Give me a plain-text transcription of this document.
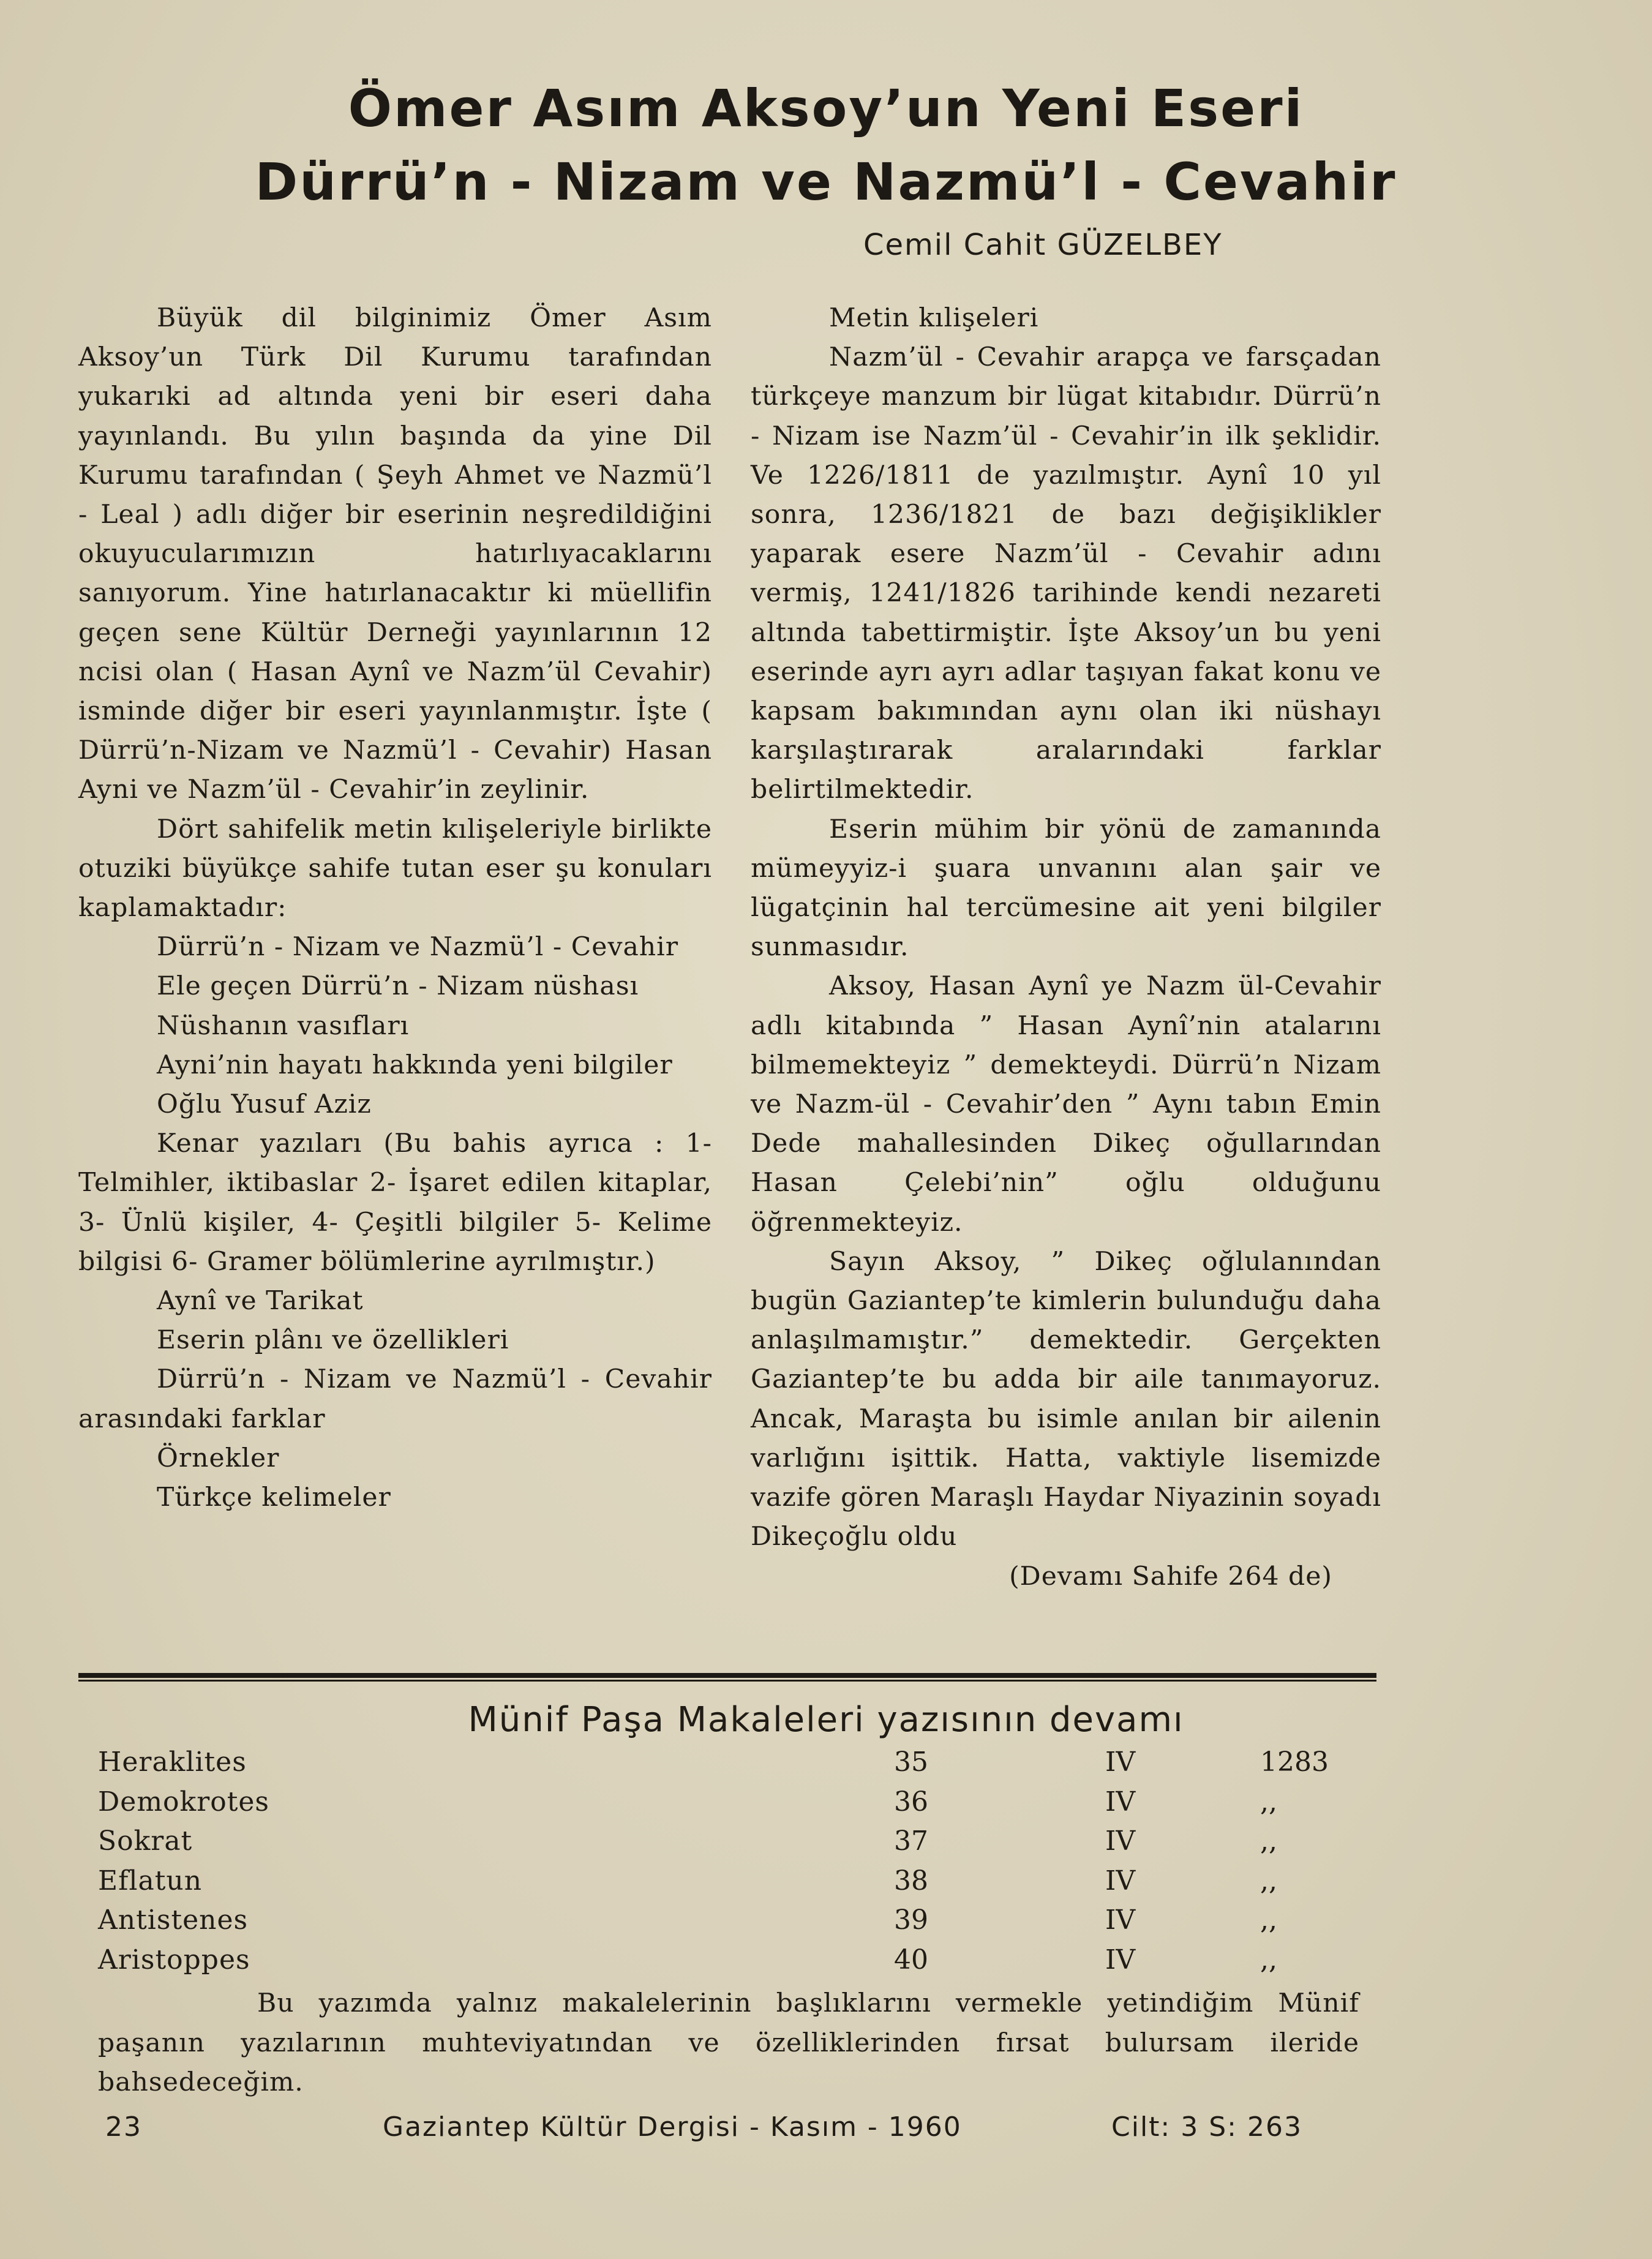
Ömer Asım Aksoy’un Yeni Eseri
Dürrü’n - Nizam ve Nazmü’l - Cevahir
Cemil Cahit GÜZELBEY

Büyük dil bilginimiz Ömer Asım Aksoy’un Türk Dil Kurumu tarafından yukarıki ad altında yeni bir eseri daha yayınlandı. Bu yılın başında da yine Dil Kurumu tarafından ( Şeyh Ahmet ve Nazmü’l - Leal ) adlı diğer bir eserinin neşredildiğini okuyucularımızın hatırlıyacaklarını sanıyorum. Yine hatırlanacaktır ki müellifin geçen sene Kültür Derneği yayınlarının 12 ncisi olan ( Hasan Aynî ve Nazm’ül Cevahir) isminde diğer bir eseri yayınlanmıştır. İşte ( Dürrü’n-Nizam ve Nazmü’l - Cevahir) Hasan Ayni ve Nazm’ül - Cevahir’in zeylinir.

Dört sahifelik metin kılişeleriyle birlikte otuziki büyükçe sahife tutan eser şu konuları kaplamaktadır:

Dürrü’n - Nizam ve Nazmü’l - Cevahir

Ele geçen Dürrü’n - Nizam nüshası

Nüshanın vasıfları

Ayni’nin hayatı hakkında yeni bilgiler

Oğlu Yusuf Aziz

Kenar yazıları (Bu bahis ayrıca : 1- Telmihler, iktibaslar 2- İşaret edilen kitaplar, 3- Ünlü kişiler, 4- Çeşitli bilgiler 5- Kelime bilgisi 6- Gramer bölümlerine ayrılmıştır.)

Aynî ve Tarikat

Eserin plânı ve özellikleri

Dürrü’n - Nizam ve Nazmü’l - Cevahir arasındaki farklar

Örnekler

Türkçe kelimeler

Metin kılişeleri

Nazm’ül - Cevahir arapça ve farsçadan türkçeye manzum bir lügat kitabıdır. Dürrü’n - Nizam ise Nazm’ül - Cevahir’in ilk şeklidir. Ve 1226/1811 de yazılmıştır. Aynî 10 yıl sonra, 1236/1821 de bazı değişiklikler yaparak esere Nazm’ül - Cevahir adını vermiş, 1241/1826 tarihinde kendi nezareti altında tabettirmiştir. İşte Aksoy’un bu yeni eserinde ayrı ayrı adlar taşıyan fakat konu ve kapsam bakımından aynı olan iki nüshayı karşılaştırarak aralarındaki farklar belirtilmektedir.

Eserin mühim bir yönü de zamanında mümeyyiz-i şuara unvanını alan şair ve lügatçinin hal tercümesine ait yeni bilgiler sunmasıdır.

Aksoy, Hasan Aynî ye Nazm ül-Cevahir adlı kitabında ” Hasan Aynî’nin atalarını bilmemekteyiz ” demekteydi. Dürrü’n Nizam ve Nazm-ül - Cevahir’den ” Aynı tabın Emin Dede mahallesinden Dikeç oğullarından Hasan Çelebi’nin” oğlu olduğunu öğrenmekteyiz.

Sayın Aksoy, ” Dikeç oğlulanından bugün Gaziantep’te kimlerin bulunduğu daha anlaşılmamıştır.” demektedir. Gerçekten Gaziantep’te bu adda bir aile tanımayoruz. Ancak, Maraşta bu isimle anılan bir ailenin varlığını işittik. Hatta, vaktiyle lisemizde vazife gören Maraşlı Haydar Niyazinin soyadı Dikeçoğlu oldu

(Devamı Sahife 264 de)

Münif Paşa Makaleleri yazısının devamı
Heraklites	35	IV	1283
Demokrotes	36	IV	,,
Sokrat	37	IV	,,
Eflatun	38	IV	,,
Antistenes	39	IV	,,
Aristoppes	40	IV	,,

Bu yazımda yalnız makalelerinin başlıklarını vermekle yetindiğim Münif paşanın yazılarının muhteviyatından ve özelliklerinden fırsat bulursam ileride bahsedeceğim.

23	Gaziantep Kültür Dergisi - Kasım - 1960	Cilt: 3 S: 263
